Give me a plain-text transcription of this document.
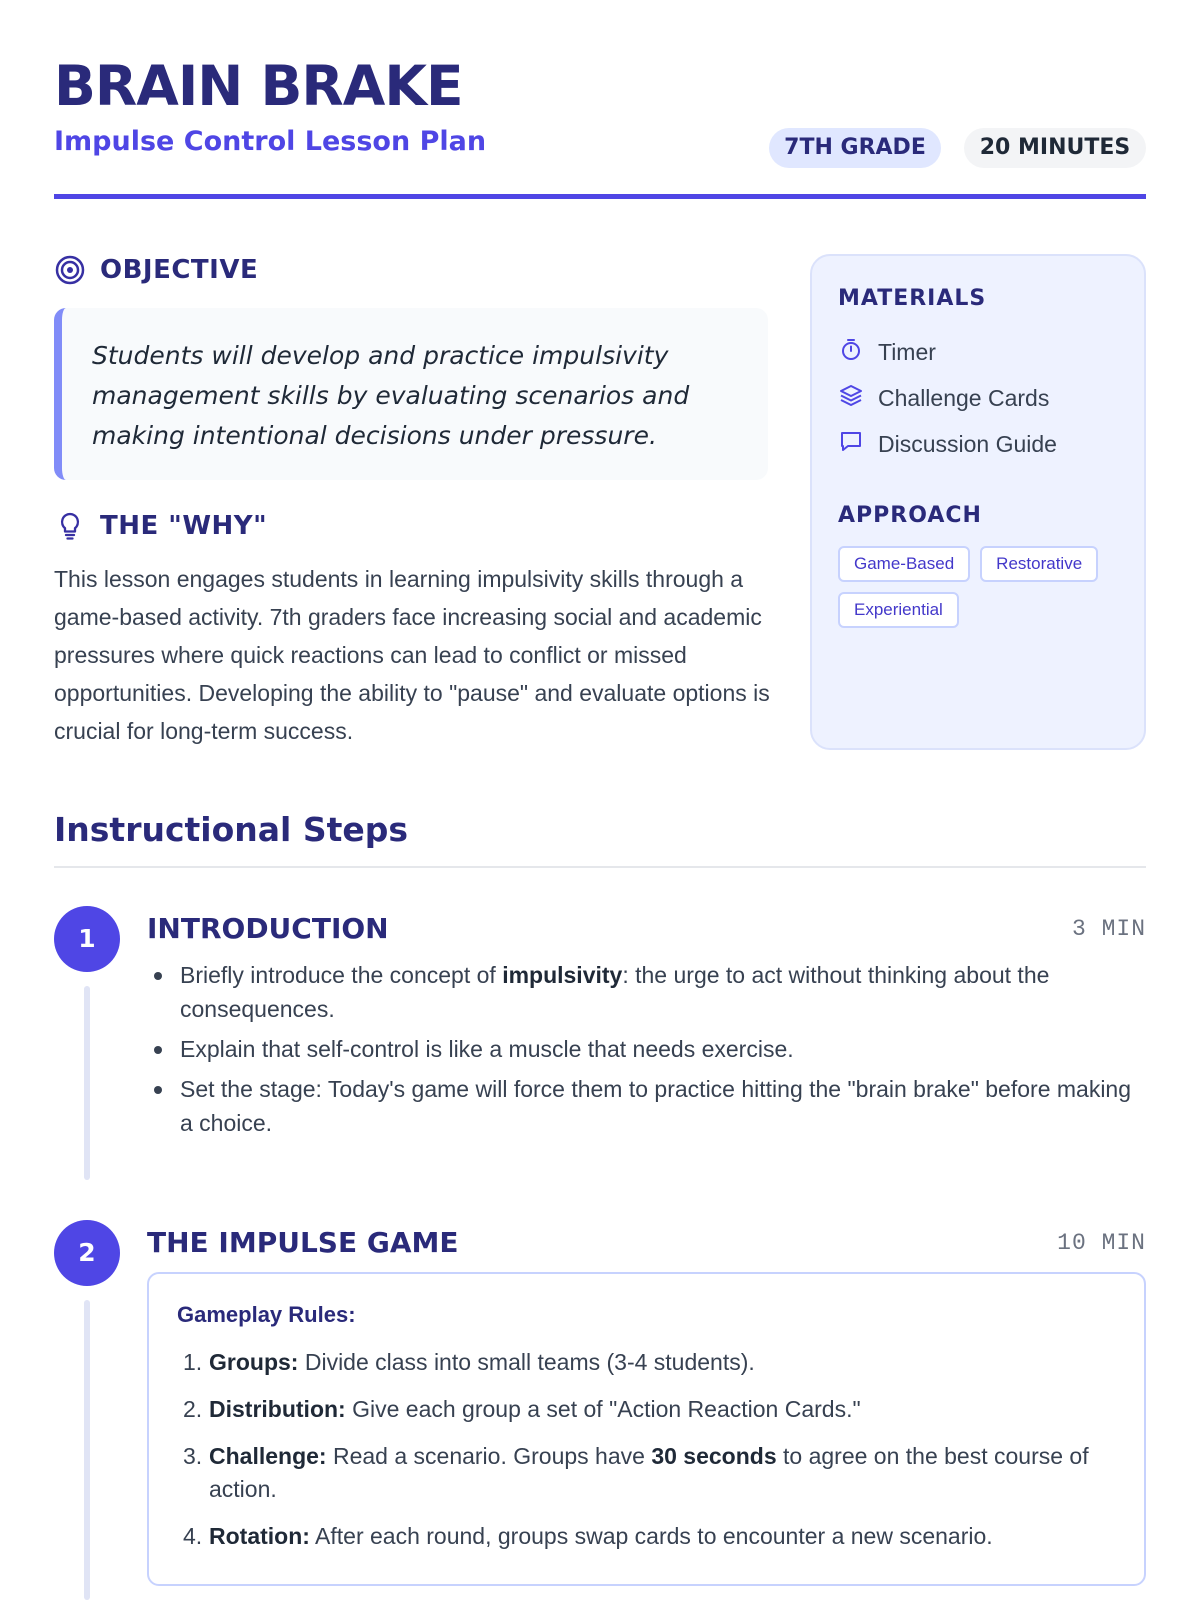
BRAIN BRAKE
Impulse Control Lesson Plan	7TH GRADE	20 MINUTES
OBJECTIVE

Students will develop and practice impulsivity management skills by evaluating scenarios and making intentional decisions under pressure.

THE "WHY"

This lesson engages students in learning impulsivity skills through a game-based activity. 7th graders face increasing social and academic pressures where quick reactions can lead to conflict or missed opportunities. Developing the ability to "pause" and evaluate options is crucial for long-term success.

MATERIALS
Timer
Challenge Cards
Discussion Guide
APPROACH
Game-Based	Restorative
Experiential
Instructional Steps
1	INTRODUCTION	3 MIN
Briefly introduce the concept of impulsivity: the urge to act without thinking about the consequences.
Explain that self-control is like a muscle that needs exercise.
Set the stage: Today's game will force them to practice hitting the "brain brake" before making a choice.
2	THE IMPULSE GAME	10 MIN
Gameplay Rules:
1. Groups: Divide class into small teams (3-4 students).
2. Distribution: Give each group a set of "Action Reaction Cards."
3. Challenge: Read a scenario. Groups have 30 seconds to agree on the best course of action.
4. Rotation: After each round, groups swap cards to encounter a new scenario.
